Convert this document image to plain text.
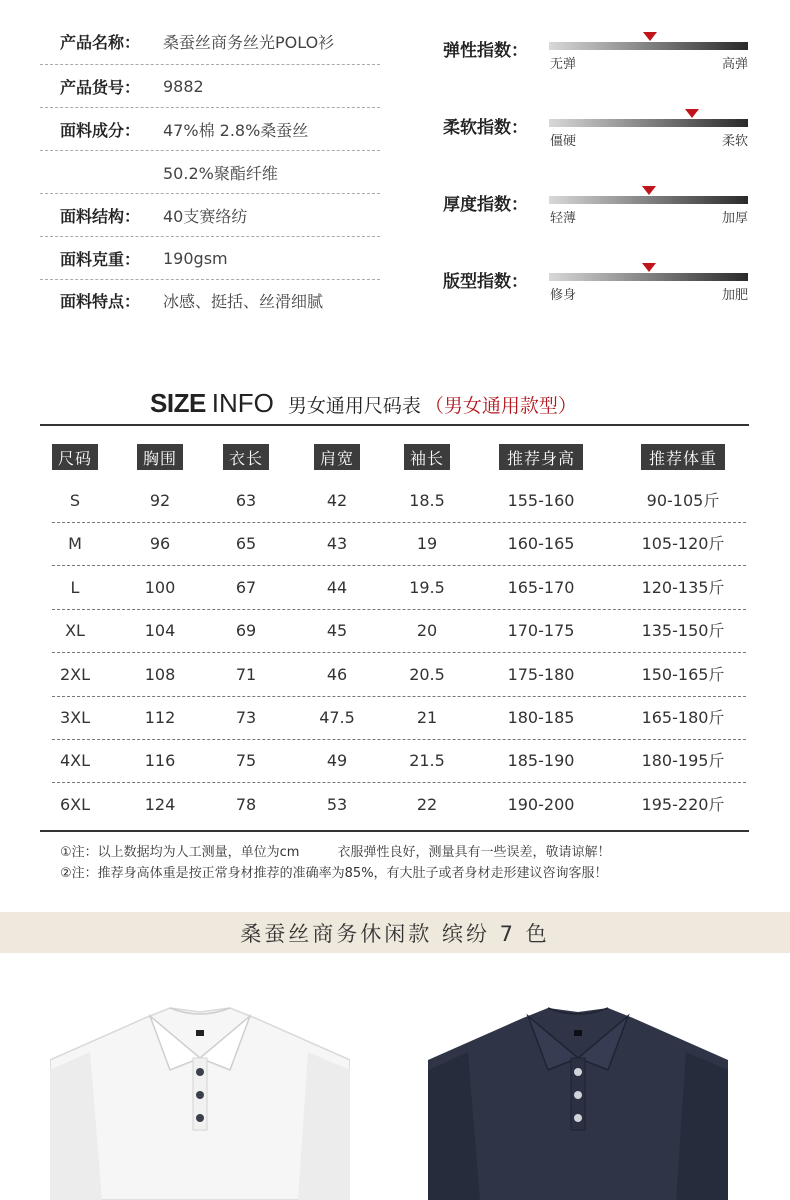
产品名称：	桑蚕丝商务丝光POLO衫
产品货号：	9882
面料成分：	47%棉 2.8%桑蚕丝
50.2%聚酯纤维
面料结构：	40支赛络纺
面料克重：	190gsm
面料特点：	冰感、挺括、丝滑细腻
弹性指数：
无弹	高弹
柔软指数：
僵硬	柔软
厚度指数：
轻薄	加厚
版型指数：
修身	加肥
SIZE INFO 男女通用尺码表 （男女通用款型）
尺码	胸围	衣长	肩宽	袖长	推荐身高	推荐体重
S	92	63	42	18.5	155-160	90-105斤
M	96	65	43	19	160-165	105-120斤
L	100	67	44	19.5	165-170	120-135斤
XL	104	69	45	20	170-175	135-150斤
2XL	108	71	46	20.5	175-180	150-165斤
3XL	112	73	47.5	21	180-185	165-180斤
4XL	116	75	49	21.5	185-190	180-195斤
6XL	124	78	53	22	190-200	195-220斤
①注：以上数据均为人工测量，单位为cm	衣服弹性良好，测量具有一些误差，敬请谅解！
②注：推荐身高体重是按正常身材推荐的准确率为85%，有大肚子或者身材走形建议咨询客服！
桑蚕丝商务休闲款 缤纷 7 色
